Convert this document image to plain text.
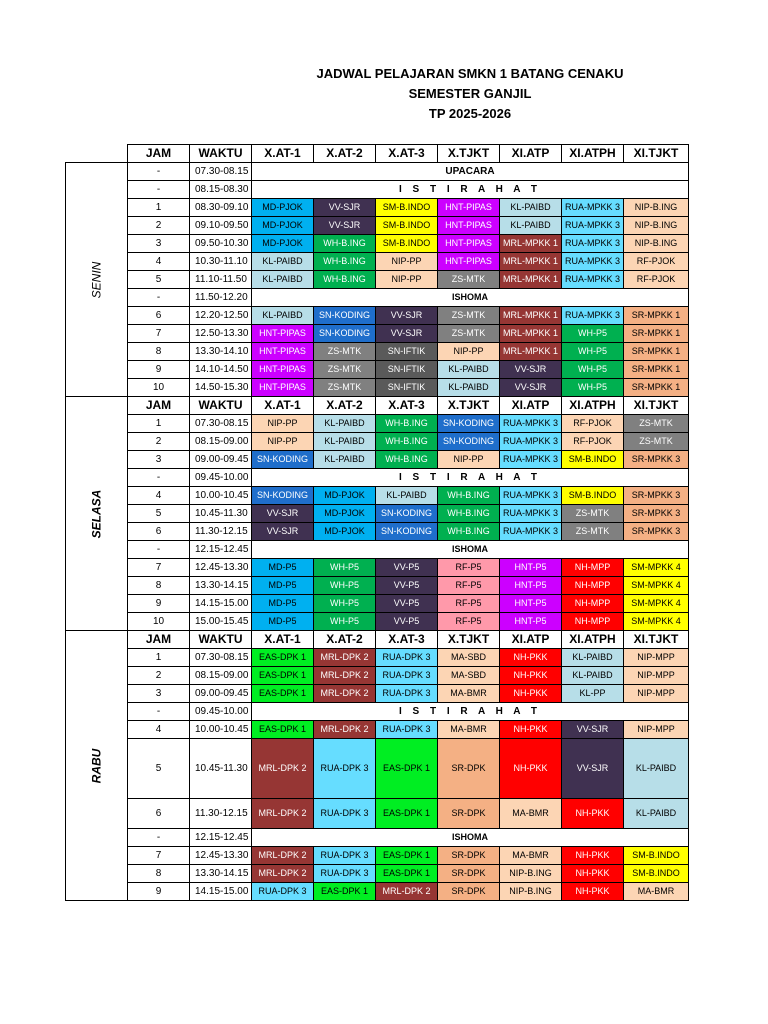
JADWAL PELAJARAN SMKN 1 BATANG CENAKU
SEMESTER GANJIL
TP 2025-2026
	JAM	WAKTU	X.AT-1	X.AT-2	X.AT-3	X.TJKT	XI.ATP	XI.ATPH	XI.TJKT

SENIN	-	07.30-08.15	UPACARA						
	-	08.15-08.30	I S T I R A H A T						
	1	08.30-09.10	MD-PJOK	VV-SJR	SM-B.INDO	HNT-PIPAS	KL-PAIBD	RUA-MPKK 3	NIP-B.ING
	2	09.10-09.50	MD-PJOK	VV-SJR	SM-B.INDO	HNT-PIPAS	KL-PAIBD	RUA-MPKK 3	NIP-B.ING
	3	09.50-10.30	MD-PJOK	WH-B.ING	SM-B.INDO	HNT-PIPAS	MRL-MPKK 1	RUA-MPKK 3	NIP-B.ING
	4	10.30-11.10	KL-PAIBD	WH-B.ING	NIP-PP	HNT-PIPAS	MRL-MPKK 1	RUA-MPKK 3	RF-PJOK
	5	11.10-11.50	KL-PAIBD	WH-B.ING	NIP-PP	ZS-MTK	MRL-MPKK 1	RUA-MPKK 3	RF-PJOK
	-	11.50-12.20	ISHOMA						
	6	12.20-12.50	KL-PAIBD	SN-KODING	VV-SJR	ZS-MTK	MRL-MPKK 1	RUA-MPKK 3	SR-MPKK 1
	7	12.50-13.30	HNT-PIPAS	SN-KODING	VV-SJR	ZS-MTK	MRL-MPKK 1	WH-P5	SR-MPKK 1
	8	13.30-14.10	HNT-PIPAS	ZS-MTK	SN-IFTIK	NIP-PP	MRL-MPKK 1	WH-P5	SR-MPKK 1
	9	14.10-14.50	HNT-PIPAS	ZS-MTK	SN-IFTIK	KL-PAIBD	VV-SJR	WH-P5	SR-MPKK 1
	10	14.50-15.30	HNT-PIPAS	ZS-MTK	SN-IFTIK	KL-PAIBD	VV-SJR	WH-P5	SR-MPKK 1

SELASA	JAM	WAKTU	X.AT-1	X.AT-2	X.AT-3	X.TJKT	XI.ATP	XI.ATPH	XI.TJKT
	1	07.30-08.15	NIP-PP	KL-PAIBD	WH-B.ING	SN-KODING	RUA-MPKK 3	RF-PJOK	ZS-MTK
	2	08.15-09.00	NIP-PP	KL-PAIBD	WH-B.ING	SN-KODING	RUA-MPKK 3	RF-PJOK	ZS-MTK
	3	09.00-09.45	SN-KODING	KL-PAIBD	WH-B.ING	NIP-PP	RUA-MPKK 3	SM-B.INDO	SR-MPKK 3
	-	09.45-10.00	I S T I R A H A T						
	4	10.00-10.45	SN-KODING	MD-PJOK	KL-PAIBD	WH-B.ING	RUA-MPKK 3	SM-B.INDO	SR-MPKK 3
	5	10.45-11.30	VV-SJR	MD-PJOK	SN-KODING	WH-B.ING	RUA-MPKK 3	ZS-MTK	SR-MPKK 3
	6	11.30-12.15	VV-SJR	MD-PJOK	SN-KODING	WH-B.ING	RUA-MPKK 3	ZS-MTK	SR-MPKK 3
	-	12.15-12.45	ISHOMA						
	7	12.45-13.30	MD-P5	WH-P5	VV-P5	RF-P5	HNT-P5	NH-MPP	SM-MPKK 4
	8	13.30-14.15	MD-P5	WH-P5	VV-P5	RF-P5	HNT-P5	NH-MPP	SM-MPKK 4
	9	14.15-15.00	MD-P5	WH-P5	VV-P5	RF-P5	HNT-P5	NH-MPP	SM-MPKK 4
	10	15.00-15.45	MD-P5	WH-P5	VV-P5	RF-P5	HNT-P5	NH-MPP	SM-MPKK 4

RABU	JAM	WAKTU	X.AT-1	X.AT-2	X.AT-3	X.TJKT	XI.ATP	XI.ATPH	XI.TJKT
	1	07.30-08.15	EAS-DPK 1	MRL-DPK 2	RUA-DPK 3	MA-SBD	NH-PKK	KL-PAIBD	NIP-MPP
	2	08.15-09.00	EAS-DPK 1	MRL-DPK 2	RUA-DPK 3	MA-SBD	NH-PKK	KL-PAIBD	NIP-MPP
	3	09.00-09.45	EAS-DPK 1	MRL-DPK 2	RUA-DPK 3	MA-BMR	NH-PKK	KL-PP	NIP-MPP
	-	09.45-10.00	I S T I R A H A T						
	4	10.00-10.45	EAS-DPK 1	MRL-DPK 2	RUA-DPK 3	MA-BMR	NH-PKK	VV-SJR	NIP-MPP
	5	10.45-11.30	MRL-DPK 2	RUA-DPK 3	EAS-DPK 1	SR-DPK	NH-PKK	VV-SJR	KL-PAIBD
	6	11.30-12.15	MRL-DPK 2	RUA-DPK 3	EAS-DPK 1	SR-DPK	MA-BMR	NH-PKK	KL-PAIBD
	-	12.15-12.45	ISHOMA						
	7	12.45-13.30	MRL-DPK 2	RUA-DPK 3	EAS-DPK 1	SR-DPK	MA-BMR	NH-PKK	SM-B.INDO
	8	13.30-14.15	MRL-DPK 2	RUA-DPK 3	EAS-DPK 1	SR-DPK	NIP-B.ING	NH-PKK	SM-B.INDO
	9	14.15-15.00	RUA-DPK 3	EAS-DPK 1	MRL-DPK 2	SR-DPK	NIP-B.ING	NH-PKK	MA-BMR
